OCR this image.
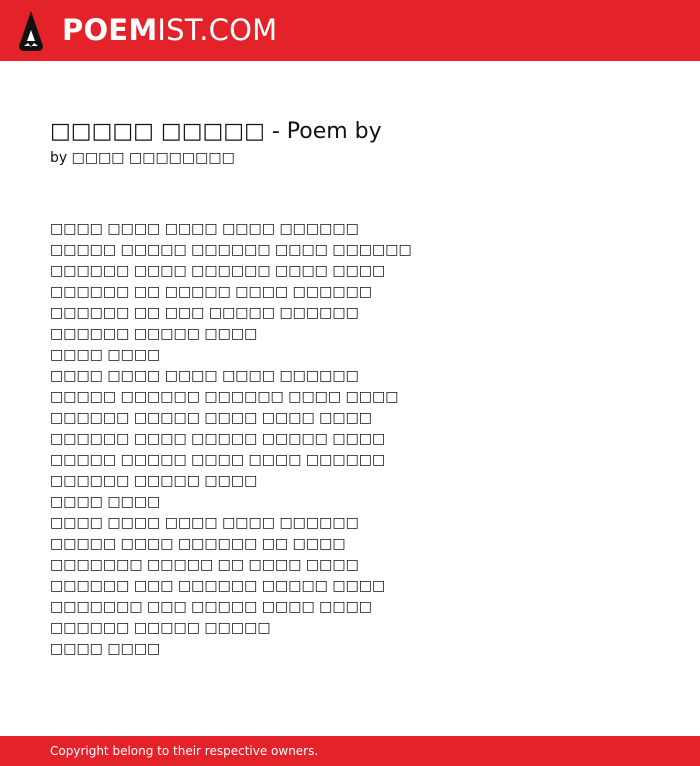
POEM IST.COM
□□□□□ □□□□□ - Poem by
by □□□□ □□□□□□□□
□□□□ □□□□ □□□□ □□□□ □□□□□□
□□□□□ □□□□□ □□□□□□ □□□□ □□□□□□
□□□□□□ □□□□ □□□□□□ □□□□ □□□□
□□□□□□ □□ □□□□□ □□□□ □□□□□□
□□□□□□ □□ □□□ □□□□□ □□□□□□
□□□□□□ □□□□□ □□□□
□□□□ □□□□
□□□□ □□□□ □□□□ □□□□ □□□□□□
□□□□□ □□□□□□ □□□□□□ □□□□ □□□□
□□□□□□ □□□□□ □□□□ □□□□ □□□□
□□□□□□ □□□□ □□□□□ □□□□□ □□□□
□□□□□ □□□□□ □□□□ □□□□ □□□□□□
□□□□□□ □□□□□ □□□□
□□□□ □□□□
□□□□ □□□□ □□□□ □□□□ □□□□□□
□□□□□ □□□□ □□□□□□ □□ □□□□
□□□□□□□ □□□□□ □□ □□□□ □□□□
□□□□□□ □□□ □□□□□□ □□□□□ □□□□
□□□□□□□ □□□ □□□□□ □□□□ □□□□
□□□□□□ □□□□□ □□□□□
□□□□ □□□□

Copyright belong to their respective owners.
